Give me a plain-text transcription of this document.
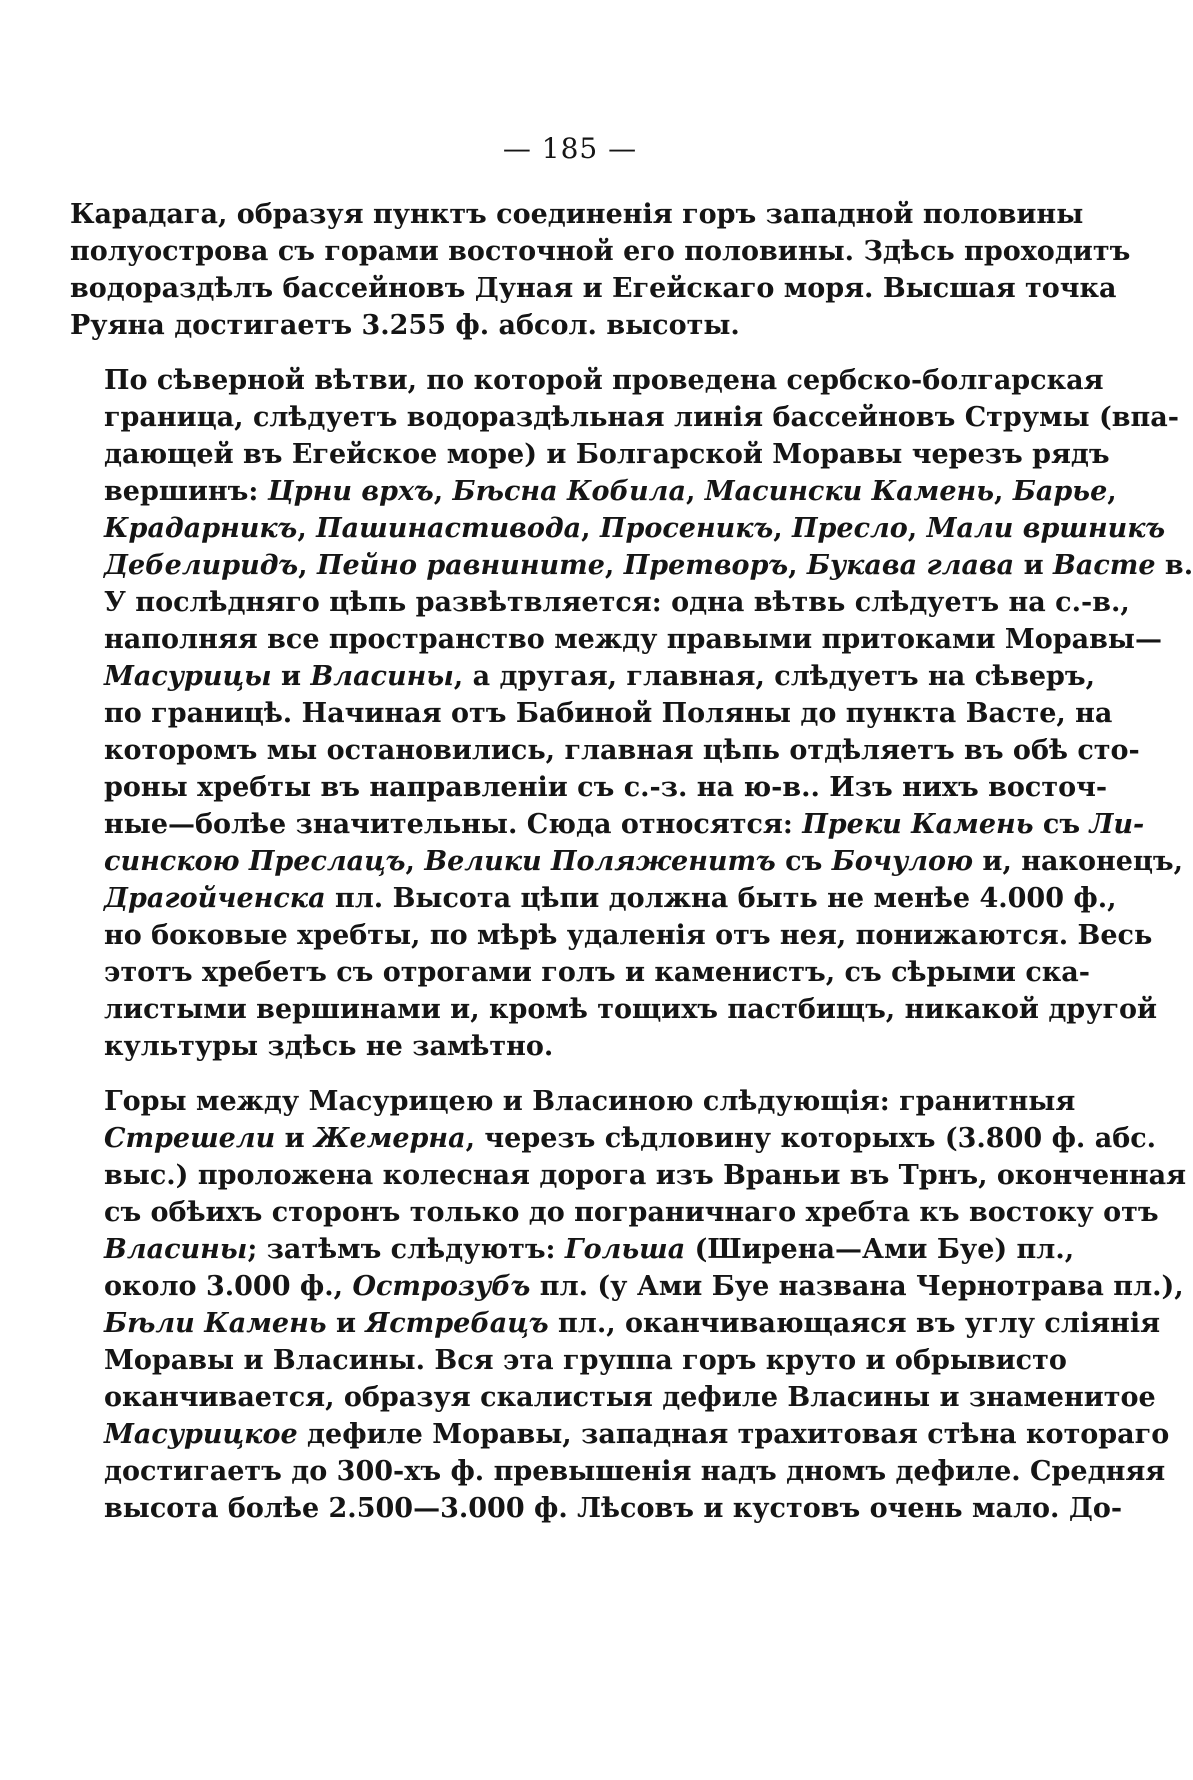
— 185 —
Карадага, образуя пунктъ соединенія горъ западной половины
полуострова съ горами восточной его половины. Здѣсь проходитъ
водораздѣлъ бассейновъ Дуная и Егейскаго моря. Высшая точка
Руяна достигаетъ 3.255 ф. абсол. высоты.
По сѣверной вѣтви, по которой проведена сербско-болгарская
граница, слѣдуетъ водораздѣльная линія бассейновъ Струмы (впа-
дающей въ Егейское море) и Болгарской Моравы черезъ рядъ
вершинъ: Црни врхъ, Бѣсна Кобила, Масински Камень, Барье,
Крадарникъ, Пашинастивода, Просеникъ, Пресло, Мали вршникъ
Дебелиридъ, Пейно равнините, Претворъ, Букава глава и Васте в.
У послѣдняго цѣпь развѣтвляется: одна вѣтвь слѣдуетъ на с.-в.,
наполняя все пространство между правыми притоками Моравы—
Масурицы и Власины, а другая, главная, слѣдуетъ на сѣверъ,
по границѣ. Начиная отъ Бабиной Поляны до пункта Васте, на
которомъ мы остановились, главная цѣпь отдѣляетъ въ обѣ сто-
роны хребты въ направленіи съ с.-з. на ю-в.. Изъ нихъ восточ-
ные—болѣе значительны. Сюда относятся: Преки Камень съ Ли-
синскою Преслацъ, Велики Поляженитъ съ Бочулою и, наконецъ,
Драгойченска пл. Высота цѣпи должна быть не менѣе 4.000 ф.,
но боковые хребты, по мѣрѣ удаленія отъ нея, понижаются. Весь
этотъ хребетъ съ отрогами голъ и каменистъ, съ сѣрыми ска-
листыми вершинами и, кромѣ тощихъ пастбищъ, никакой другой
культуры здѣсь не замѣтно.
Горы между Масурицею и Власиною слѣдующія: гранитныя
Стрешели и Жемерна, черезъ сѣдловину которыхъ (3.800 ф. абс.
выс.) проложена колесная дорога изъ Враньи въ Трнъ, оконченная
съ обѣихъ сторонъ только до пограничнаго хребта къ востоку отъ
Власины; затѣмъ слѣдуютъ: Гольша (Ширена—Ами Буе) пл.,
около 3.000 ф., Острозубъ пл. (у Ами Буе названа Чернотрава пл.),
Бѣли Камень и Ястребацъ пл., оканчивающаяся въ углу сліянія
Моравы и Власины. Вся эта группа горъ круто и обрывисто
оканчивается, образуя скалистыя дефиле Власины и знаменитое
Масурицкое дефиле Моравы, западная трахитовая стѣна котораго
достигаетъ до 300-хъ ф. превышенія надъ дномъ дефиле. Средняя
высота болѣе 2.500—3.000 ф. Лѣсовъ и кустовъ очень мало. До-
